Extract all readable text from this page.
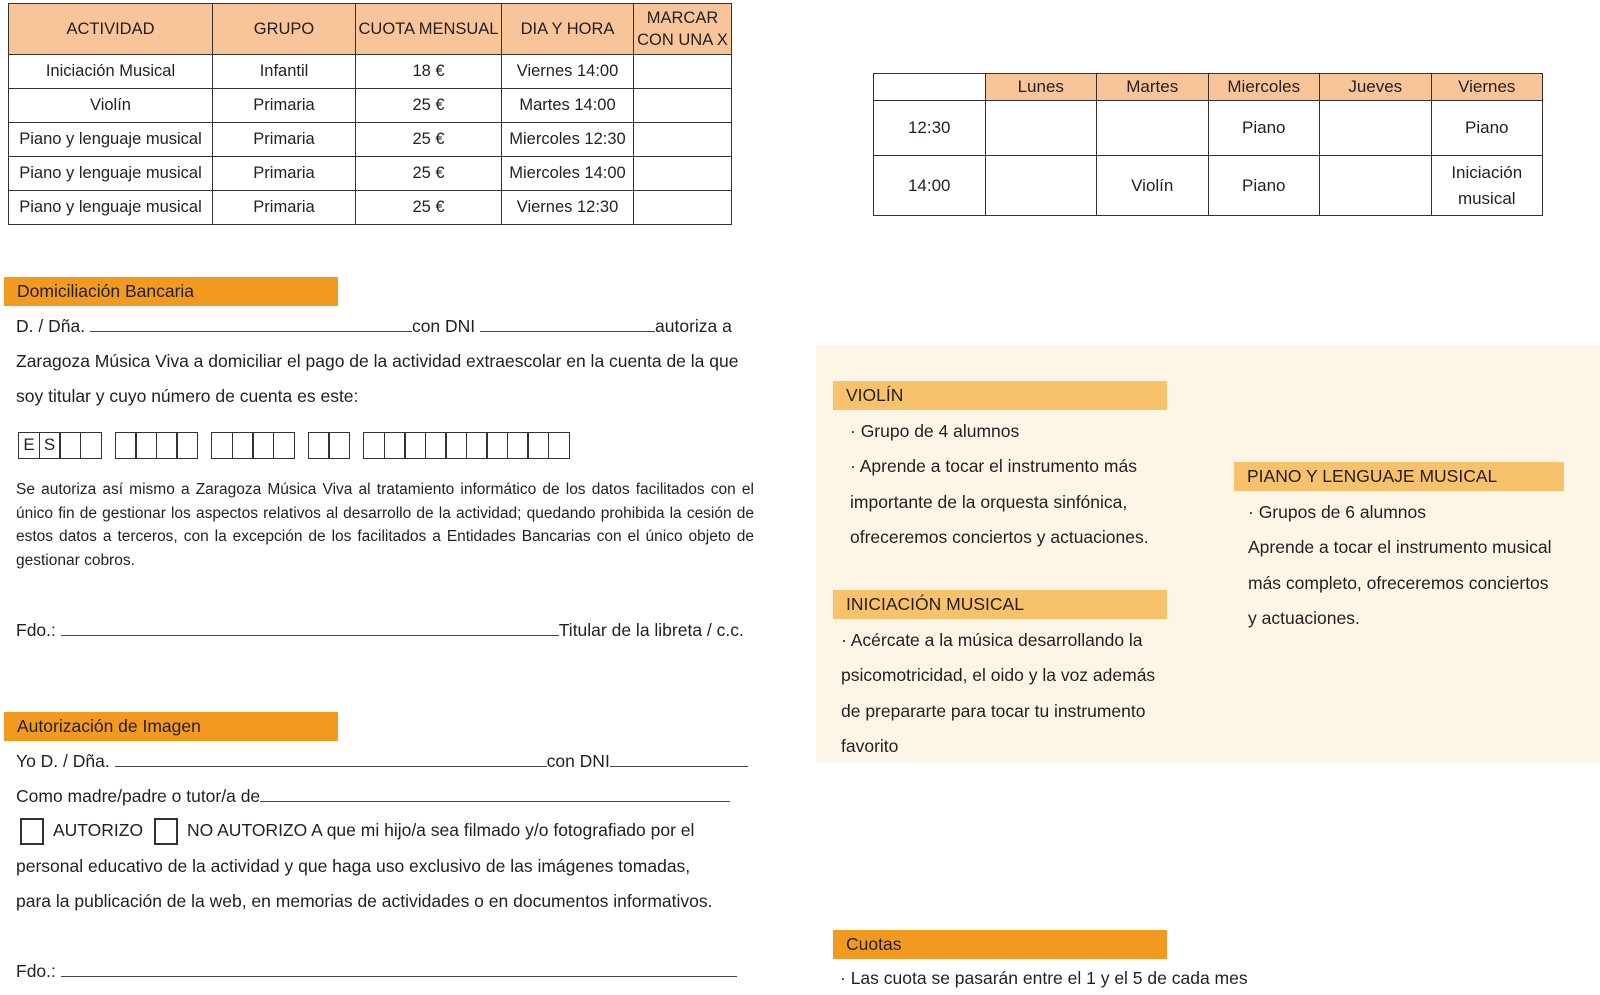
ACTIVIDAD	GRUPO	CUOTA MENSUAL	DIA Y HORA	MARCAR CON UNA X
Iniciación Musical	Infantil	18 €	Viernes 14:00	
Violín	Primaria	25 €	Martes 14:00	
Piano y lenguaje musical	Primaria	25 €	Miercoles 12:30	
Piano y lenguaje musical	Primaria	25 €	Miercoles 14:00	
Piano y lenguaje musical	Primaria	25 €	Viernes 12:30	
	Lunes	Martes	Miercoles	Jueves	Viernes
12:30			Piano		Piano
14:00		Violín	Piano		Iniciación musical
Domiciliación Bancaria
D. / Dña.	con DNI	autoriza a
Zaragoza Música Viva a domiciliar el pago de la actividad extraescolar en la cuenta de la que
soy titular y cuyo número de cuenta es este:
E S
Se autoriza así mismo a Zaragoza Música Viva al tratamiento informático de los datos facilitados con el único fin de gestionar los aspectos relativos al desarrollo de la actividad; quedando prohibida la cesión de estos datos a terceros, con la excepción de los facilitados a Entidades Bancarias con el único objeto de gestionar cobros.
Fdo.:	Titular de la libreta / c.c.
Autorización de Imagen
Yo D. / Dña.	con DNI
Como madre/padre o tutor/a de
AUTORIZO	NO AUTORIZO A que mi hijo/a sea filmado y/o fotografiado por el
personal educativo de la actividad y que haga uso exclusivo de las imágenes tomadas,
para la publicación de la web, en memorias de actividades o en documentos informativos.
Fdo.:
VIOLÍN
· Grupo de 4 alumnos
· Aprende a tocar el instrumento más
importante de la orquesta sinfónica,
ofreceremos conciertos y actuaciones.
INICIACIÓN MUSICAL
· Acércate a la música desarrollando la
psicomotricidad, el oido y la voz además
de prepararte para tocar tu instrumento
favorito
PIANO Y LENGUAJE MUSICAL
· Grupos de 6 alumnos
Aprende a tocar el instrumento musical
más completo, ofreceremos conciertos
y actuaciones.
Cuotas
· Las cuota se pasarán entre el 1 y el 5 de cada mes
